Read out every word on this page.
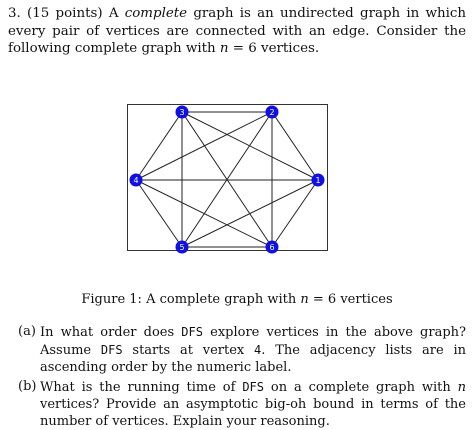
3. (15 points) A complete graph is an undirected graph in which every pair of vertices are connected with an edge. Consider the following complete graph with n = 6 vertices.
1
2
3
4
5	6
Figure 1: A complete graph with n = 6 vertices
(a) In what order does DFS explore vertices in the above graph? Assume DFS starts at vertex 4. The adjacency lists are in ascending order by the numeric label.
(b) What is the running time of DFS on a complete graph with n vertices? Provide an asymptotic big-oh bound in terms of the number of vertices. Explain your reasoning.
